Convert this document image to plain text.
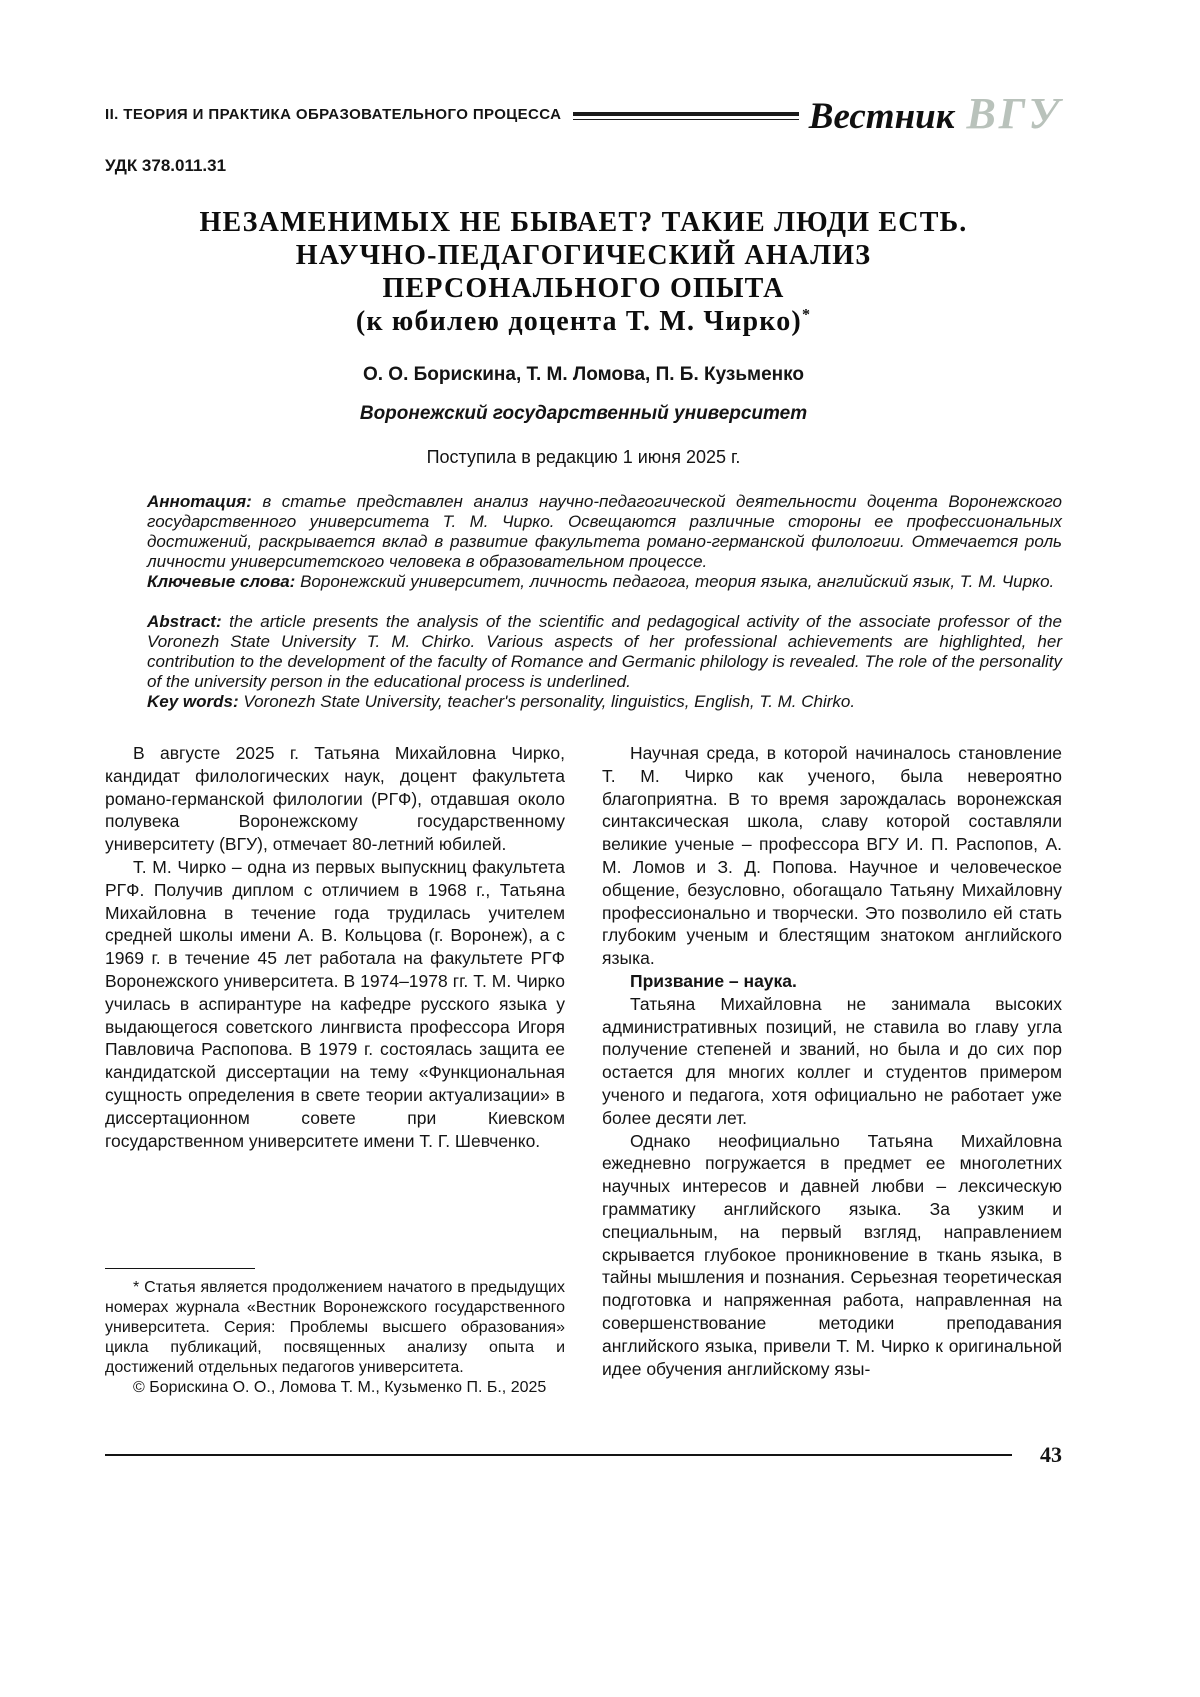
II. ТЕОРИЯ И ПРАКТИКА ОБРАЗОВАТЕЛЬНОГО ПРОЦЕССА	Вестник ВГУ
УДК 378.011.31
НЕЗАМЕНИМЫХ НЕ БЫВАЕТ? ТАКИЕ ЛЮДИ ЕСТЬ.
НАУЧНО-ПЕДАГОГИЧЕСКИЙ АНАЛИЗ
ПЕРСОНАЛЬНОГО ОПЫТА
(к юбилею доцента Т. М. Чирко)*
О. О. Борискина, Т. М. Ломова, П. Б. Кузьменко
Воронежский государственный университет
Поступила в редакцию 1 июня 2025 г.

Аннотация: в статье представлен анализ научно-педагогической деятельности доцента Воронежского государственного университета Т. М. Чирко. Освещаются различные стороны ее профессиональных достижений, раскрывается вклад в развитие факультета романо-германской филологии. Отмечается роль личности университетского человека в образовательном процессе.

Ключевые слова: Воронежский университет, личность педагога, теория языка, английский язык, Т. М. Чирко.

Abstract: the article presents the analysis of the scientific and pedagogical activity of the associate professor of the Voronezh State University T. M. Chirko. Various aspects of her professional achievements are highlighted, her contribution to the development of the faculty of Romance and Germanic philology is revealed. The role of the personality of the university person in the educational process is underlined.

Key words: Voronezh State University, teacher's personality, linguistics, English, T. M. Chirko.

В августе 2025 г. Татьяна Михайловна Чирко, кандидат филологических наук, доцент факультета романо-германской филологии (РГФ), отдавшая около полувека Воронежскому государственному университету (ВГУ), отмечает 80-летний юбилей.

Т. М. Чирко – одна из первых выпускниц факультета РГФ. Получив диплом с отличием в 1968 г., Татьяна Михайловна в течение года трудилась учителем средней школы имени А. В. Кольцова (г. Воронеж), а с 1969 г. в течение 45 лет работала на факультете РГФ Воронежского университета. В 1974–1978 гг. Т. М. Чирко училась в аспирантуре на кафедре русского языка у выдающегося советского лингвиста профессора Игоря Павловича Распопова. В 1979 г. состоялась защита ее кандидатской диссертации на тему «Функциональная сущность определения в свете теории актуализации» в диссертационном совете при Киевском государственном университете имени Т. Г. Шевченко.

* Статья является продолжением начатого в предыдущих номерах журнала «Вестник Воронежского государственного университета. Серия: Проблемы высшего образования» цикла публикаций, посвященных анализу опыта и достижений отдельных педагогов университета.

© Борискина О. О., Ломова Т. М., Кузьменко П. Б., 2025

Научная среда, в которой начиналось становление Т. М. Чирко как ученого, была невероятно благоприятна. В то время зарождалась воронежская синтаксическая школа, славу которой составляли великие ученые – профессора ВГУ И. П. Распопов, А. М. Ломов и З. Д. Попова. Научное и человеческое общение, безусловно, обогащало Татьяну Михайловну профессионально и творчески. Это позволило ей стать глубоким ученым и блестящим знатоком английского языка.

Призвание – наука.

Татьяна Михайловна не занимала высоких административных позиций, не ставила во главу угла получение степеней и званий, но была и до сих пор остается для многих коллег и студентов примером ученого и педагога, хотя официально не работает уже более десяти лет.

Однако неофициально Татьяна Михайловна ежедневно погружается в предмет ее многолетних научных интересов и давней любви – лексическую грамматику английского языка. За узким и специальным, на первый взгляд, направлением скрывается глубокое проникновение в ткань языка, в тайны мышления и познания. Серьезная теоретическая подготовка и напряженная работа, направленная на совершенствование методики преподавания английского языка, привели Т. М. Чирко к оригинальной идее обучения английскому язы-

43
